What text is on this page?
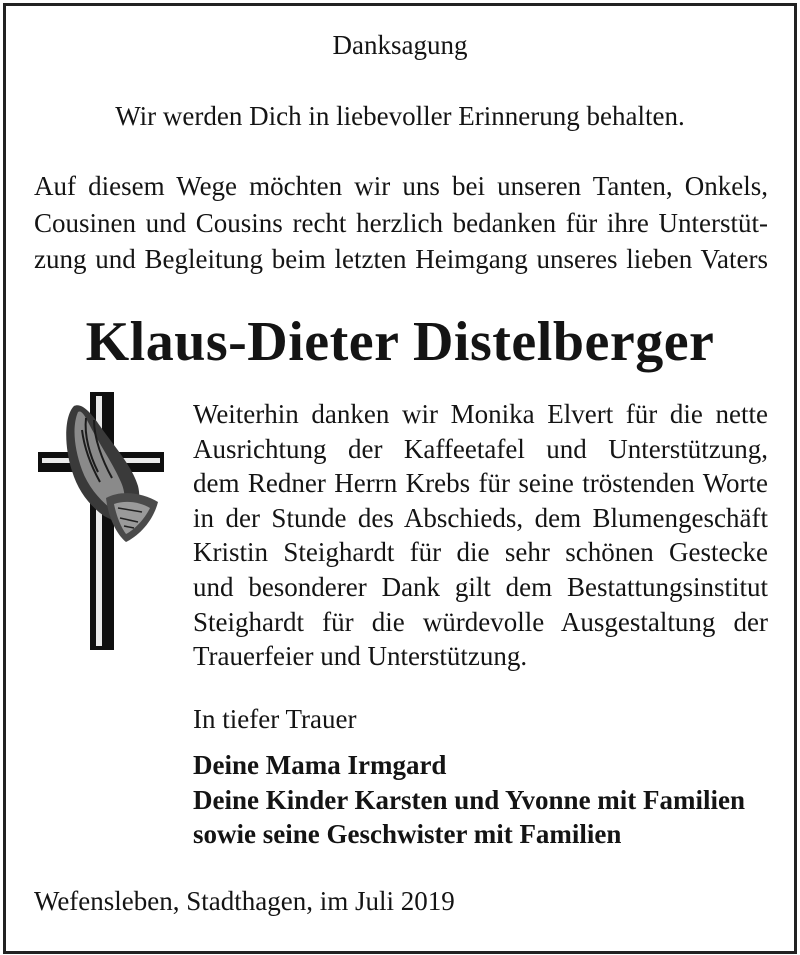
Danksagung
Wir werden Dich in liebevoller Erinnerung behalten.
Auf diesem Wege möchten wir uns bei unseren Tanten, Onkels,
Cousinen und Cousins recht herzlich bedanken für ihre Unterstüt-
zung und Begleitung beim letzten Heimgang unseres lieben Vaters
Klaus-Dieter Distelberger
Weiterhin danken wir Monika Elvert für die nette
Ausrichtung der Kaffeetafel und Unterstützung,
dem Redner Herrn Krebs für seine tröstenden Worte
in der Stunde des Abschieds, dem Blumengeschäft
Kristin Steighardt für die sehr schönen Gestecke
und besonderer Dank gilt dem Bestattungsinstitut
Steighardt für die würdevolle Ausgestaltung der
Trauerfeier und Unterstützung.
In tiefer Trauer
Deine Mama Irmgard
Deine Kinder Karsten und Yvonne mit Familien
sowie seine Geschwister mit Familien
Wefensleben, Stadthagen, im Juli 2019
